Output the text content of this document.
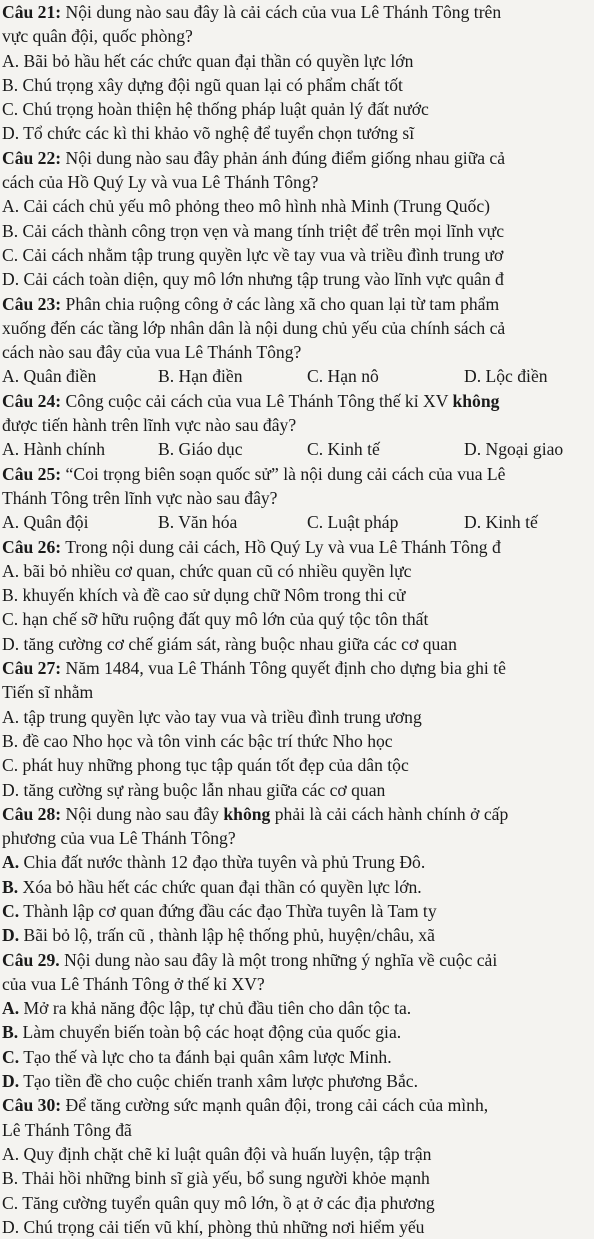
Câu 21: Nội dung nào sau đây là cải cách của vua Lê Thánh Tông trên
vực quân đội, quốc phòng?
A. Bãi bỏ hầu hết các chức quan đại thần có quyền lực lớn
B. Chú trọng xây dựng đội ngũ quan lại có phẩm chất tốt
C. Chú trọng hoàn thiện hệ thống pháp luật quản lý đất nước
D. Tổ chức các kì thi khảo võ nghệ để tuyển chọn tướng sĩ
Câu 22: Nội dung nào sau đây phản ánh đúng điểm giống nhau giữa cả
cách của Hồ Quý Ly và vua Lê Thánh Tông?
A. Cải cách chủ yếu mô phỏng theo mô hình nhà Minh (Trung Quốc)
B. Cải cách thành công trọn vẹn và mang tính triệt để trên mọi lĩnh vực
C. Cải cách nhằm tập trung quyền lực về tay vua và triều đình trung ươ
D. Cải cách toàn diện, quy mô lớn nhưng tập trung vào lĩnh vực quân đ
Câu 23: Phân chia ruộng công ở các làng xã cho quan lại từ tam phẩm
xuống đến các tầng lớp nhân dân là nội dung chủ yếu của chính sách cả
cách nào sau đây của vua Lê Thánh Tông?
A. Quân điền	B. Hạn điền	C. Hạn nô	D. Lộc điền
Câu 24: Công cuộc cải cách của vua Lê Thánh Tông thế kỉ XV không
được tiến hành trên lĩnh vực nào sau đây?
A. Hành chính	B. Giáo dục	C. Kinh tế	D. Ngoại giao
Câu 25: “Coi trọng biên soạn quốc sử” là nội dung cải cách của vua Lê
Thánh Tông trên lĩnh vực nào sau đây?
A. Quân đội	B. Văn hóa	C. Luật pháp	D. Kinh tế
Câu 26: Trong nội dung cải cách, Hồ Quý Ly và vua Lê Thánh Tông đ
A. bãi bỏ nhiều cơ quan, chức quan cũ có nhiều quyền lực
B. khuyến khích và đề cao sử dụng chữ Nôm trong thi cử
C. hạn chế sỡ hữu ruộng đất quy mô lớn của quý tộc tôn thất
D. tăng cường cơ chế giám sát, ràng buộc nhau giữa các cơ quan
Câu 27: Năm 1484, vua Lê Thánh Tông quyết định cho dựng bia ghi tê
Tiến sĩ nhằm
A. tập trung quyền lực vào tay vua và triều đình trung ương
B. đề cao Nho học và tôn vinh các bậc trí thức Nho học
C. phát huy những phong tục tập quán tốt đẹp của dân tộc
D. tăng cường sự ràng buộc lẫn nhau giữa các cơ quan
Câu 28: Nội dung nào sau đây không phải là cải cách hành chính ở cấp
phương của vua Lê Thánh Tông?
A. Chia đất nước thành 12 đạo thừa tuyên và phủ Trung Đô.
B. Xóa bỏ hầu hết các chức quan đại thần có quyền lực lớn.
C. Thành lập cơ quan đứng đầu các đạo Thừa tuyên là Tam ty
D. Bãi bỏ lộ, trấn cũ , thành lập hệ thống phủ, huyện/châu, xã
Câu 29. Nội dung nào sau đây là một trong những ý nghĩa về cuộc cải
của vua Lê Thánh Tông ở thế kỉ XV?
A. Mở ra khả năng độc lập, tự chủ đầu tiên cho dân tộc ta.
B. Làm chuyển biến toàn bộ các hoạt động của quốc gia.
C. Tạo thế và lực cho ta đánh bại quân xâm lược Minh.
D. Tạo tiền đề cho cuộc chiến tranh xâm lược phương Bắc.
Câu 30: Để tăng cường sức mạnh quân đội, trong cải cách của mình,
Lê Thánh Tông đã
A. Quy định chặt chẽ kỉ luật quân đội và huấn luyện, tập trận
B. Thải hồi những binh sĩ già yếu, bổ sung người khỏe mạnh
C. Tăng cường tuyển quân quy mô lớn, ồ ạt ở các địa phương
D. Chú trọng cải tiến vũ khí, phòng thủ những nơi hiểm yếu
